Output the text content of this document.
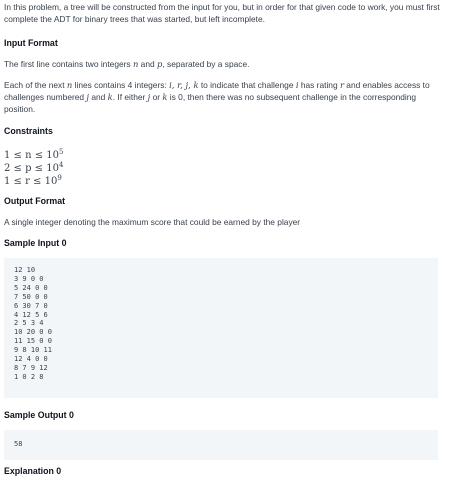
In this problem, a tree will be constructed from the input for you, but in order for that given code to work, you must first complete the ADT for binary trees that was started, but left incomplete.
Input Format
The first line contains two integers n and p, separated by a space.
Each of the next n lines contains 4 integers: i, r, j, k to indicate that challenge i has rating r and enables access to challenges numbered j and k. If either j or k is 0, then there was no subsequent challenge in the corresponding position.
Constraints
$1 \le n \le 10^5$
$2 \le p \le 10^4$
$1 \le r \le 10^9$
Output Format
A single integer denoting the maximum score that could be earned by the player
Sample Input 0
12 10
3 9 0 0
5 24 0 0
7 50 0 0
6 30 7 0
4 12 5 6
2 5 3 4
10 20 0 0
11 15 0 0
9 8 10 11
12 4 0 0
8 7 9 12
1 0 2 8
Sample Output 0
58
Explanation 0
